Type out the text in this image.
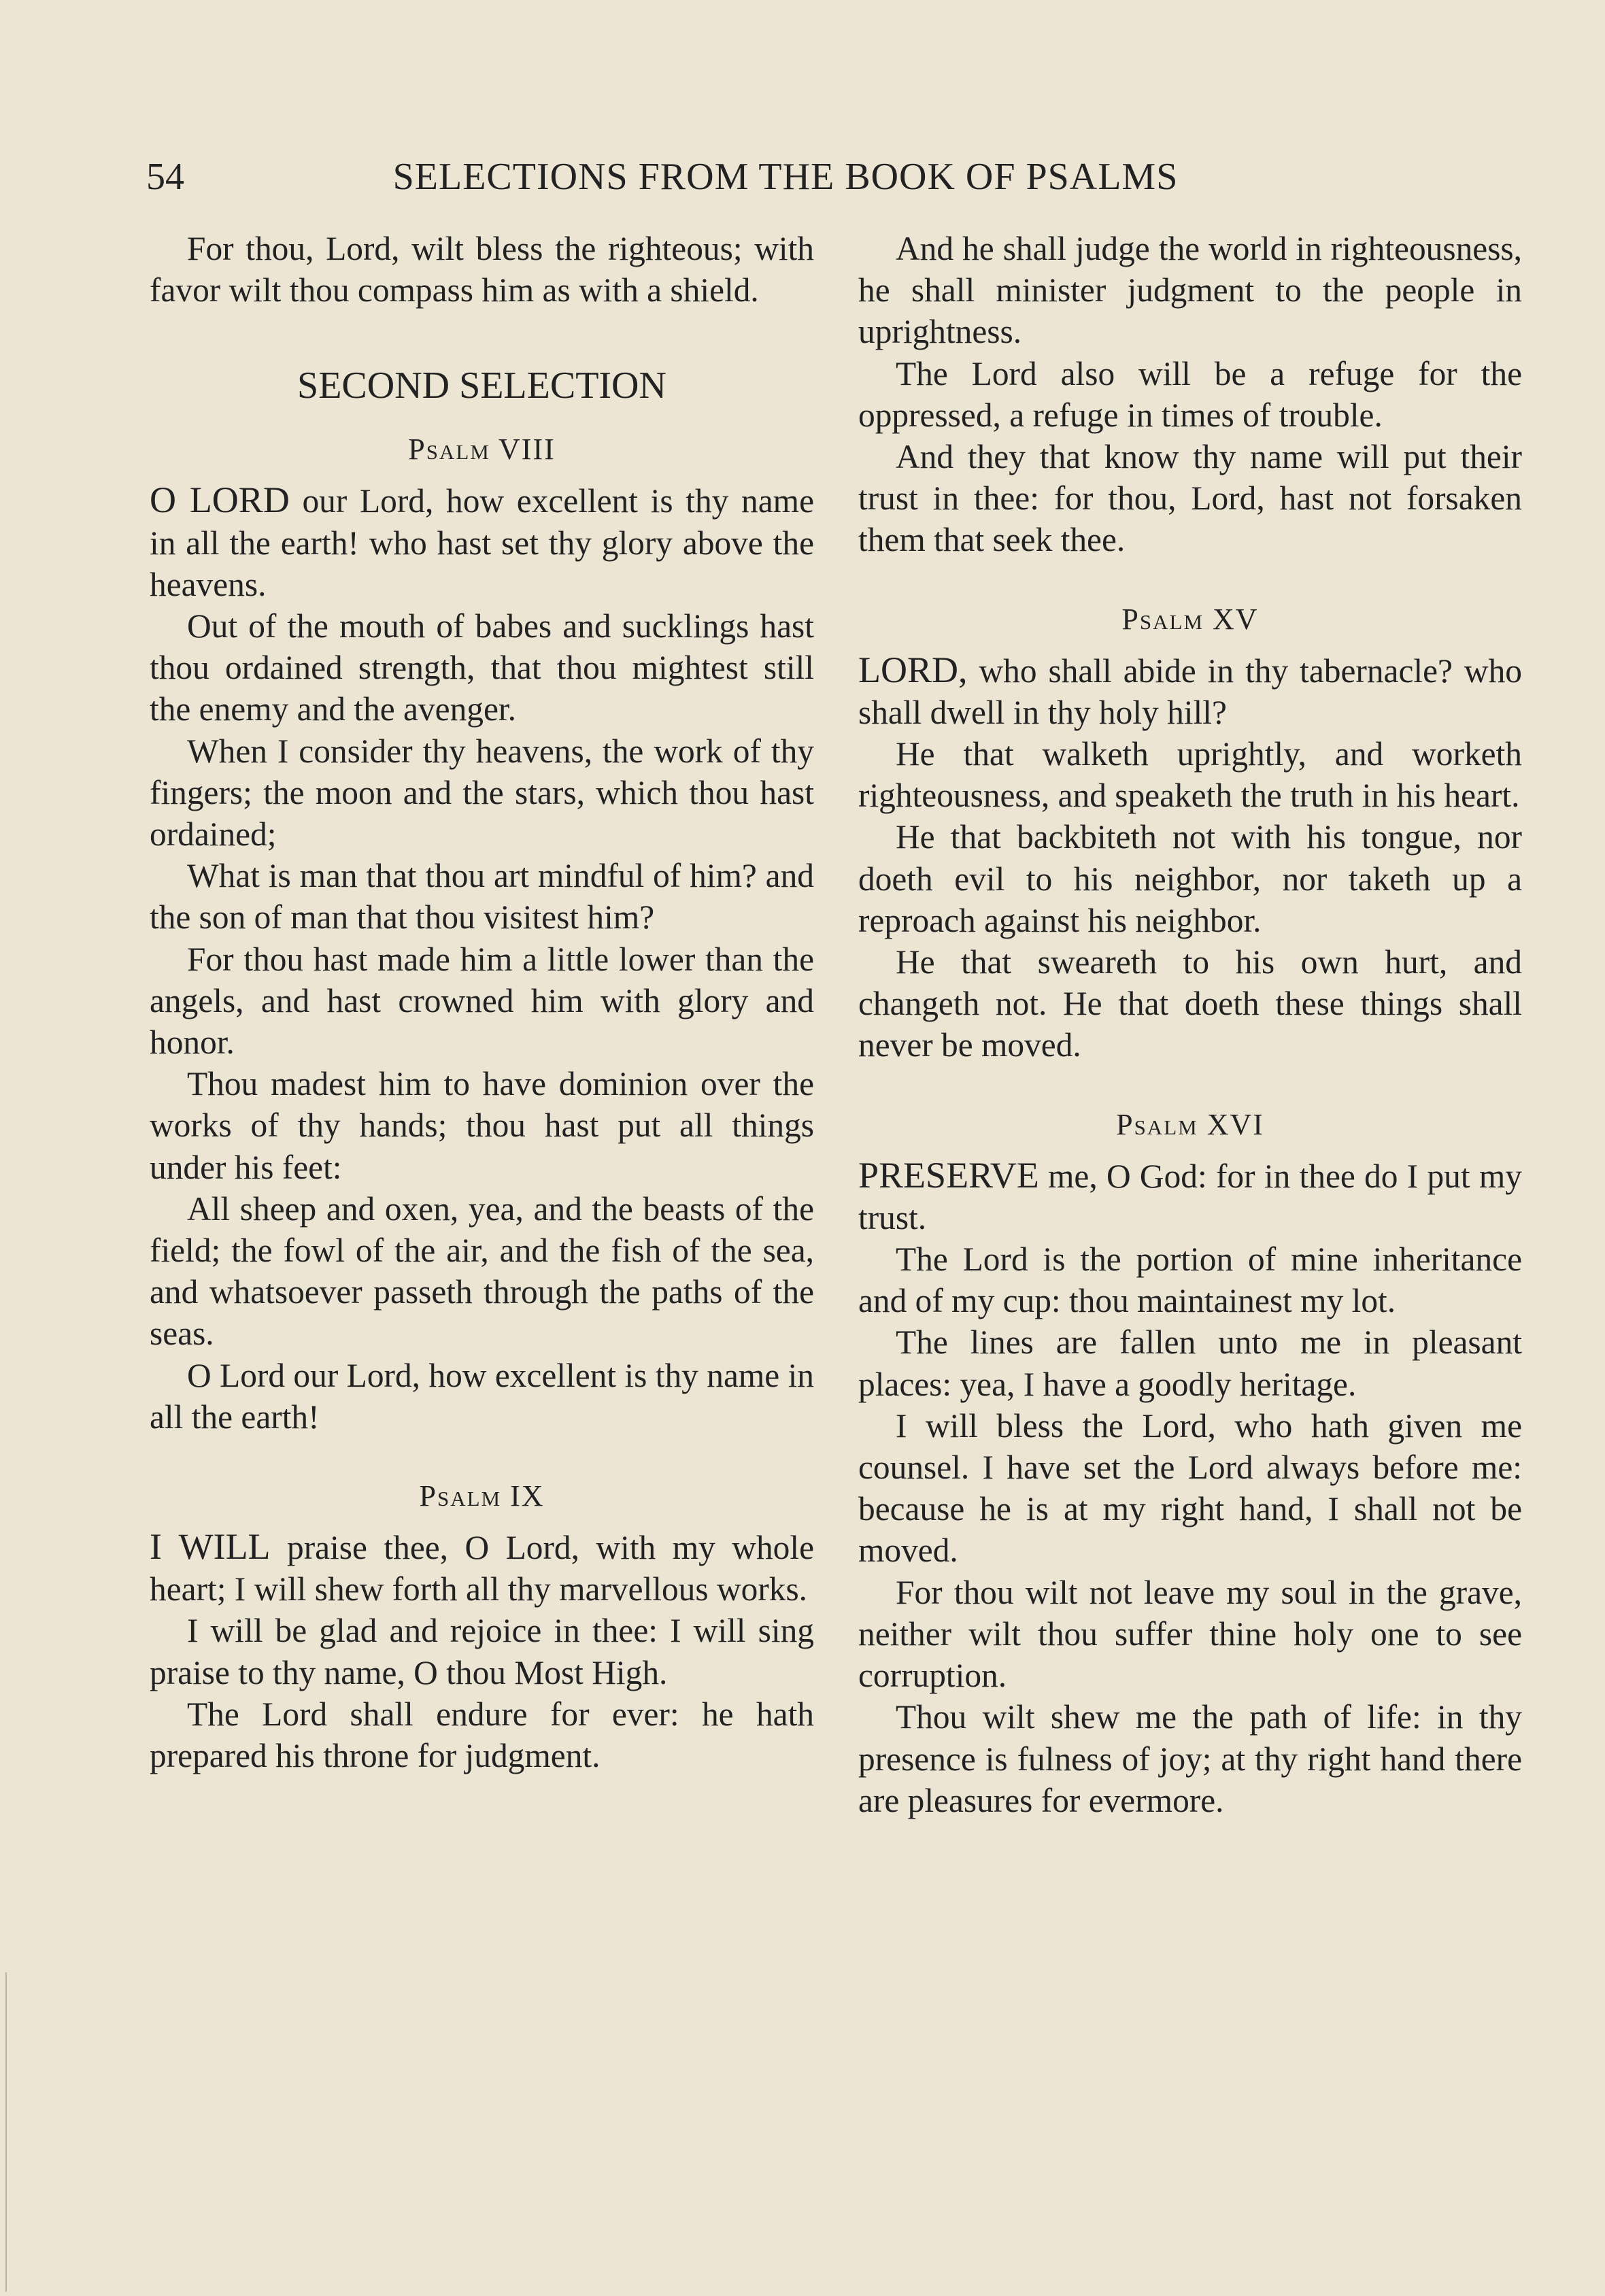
54	SELECTIONS FROM THE BOOK OF PSALMS

For thou, Lord, wilt bless the righteous; with favor wilt thou compass him as with a shield.

SECOND SELECTION

Psalm VIII

O LORD our Lord, how excellent is thy name in all the earth! who hast set thy glory above the heavens.

Out of the mouth of babes and sucklings hast thou ordained strength, that thou mightest still the enemy and the avenger.

When I consider thy heavens, the work of thy fingers; the moon and the stars, which thou hast ordained;

What is man that thou art mindful of him? and the son of man that thou visitest him?

For thou hast made him a little lower than the angels, and hast crowned him with glory and honor.

Thou madest him to have dominion over the works of thy hands; thou hast put all things under his feet:

All sheep and oxen, yea, and the beasts of the field; the fowl of the air, and the fish of the sea, and whatsoever passeth through the paths of the seas.

O Lord our Lord, how excellent is thy name in all the earth!

Psalm IX

I WILL praise thee, O Lord, with my whole heart; I will shew forth all thy marvellous works.

I will be glad and rejoice in thee: I will sing praise to thy name, O thou Most High.

The Lord shall endure for ever: he hath prepared his throne for judgment.

And he shall judge the world in righteousness, he shall minister judgment to the people in uprightness.

The Lord also will be a refuge for the oppressed, a refuge in times of trouble.

And they that know thy name will put their trust in thee: for thou, Lord, hast not forsaken them that seek thee.

Psalm XV

LORD, who shall abide in thy tabernacle? who shall dwell in thy holy hill?

He that walketh uprightly, and worketh righteousness, and speaketh the truth in his heart.

He that backbiteth not with his tongue, nor doeth evil to his neighbor, nor taketh up a reproach against his neighbor.

He that sweareth to his own hurt, and changeth not. He that doeth these things shall never be moved.

Psalm XVI

PRESERVE me, O God: for in thee do I put my trust.

The Lord is the portion of mine inheritance and of my cup: thou maintainest my lot.

The lines are fallen unto me in pleasant places: yea, I have a goodly heritage.

I will bless the Lord, who hath given me counsel. I have set the Lord always before me: because he is at my right hand, I shall not be moved.

For thou wilt not leave my soul in the grave, neither wilt thou suffer thine holy one to see corruption.

Thou wilt shew me the path of life: in thy presence is fulness of joy; at thy right hand there are pleasures for evermore.
